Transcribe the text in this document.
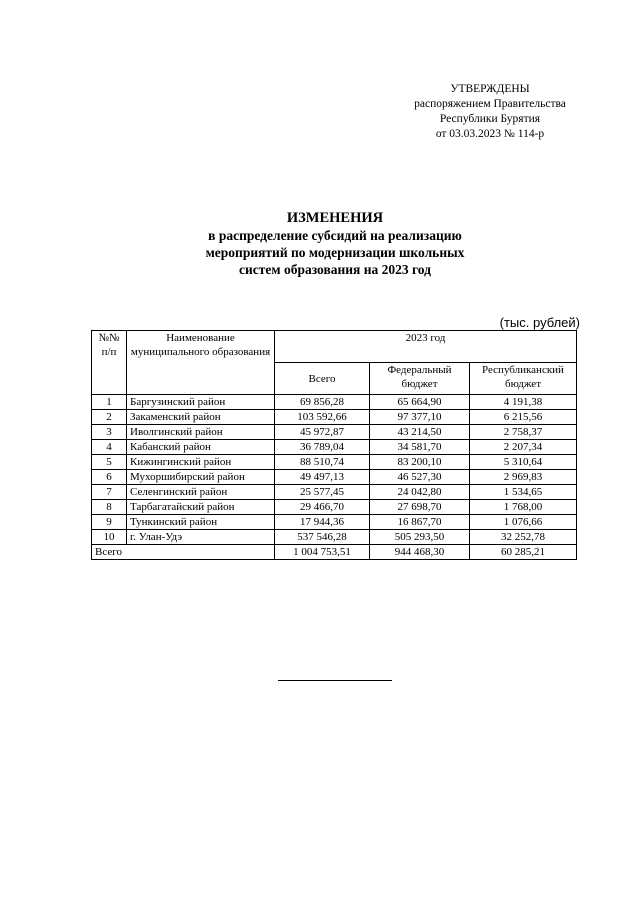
УТВЕРЖДЕНЫ
распоряжением Правительства
Республики Бурятия
от 03.03.2023 № 114-р
ИЗМЕНЕНИЯ
в распределение субсидий на реализацию
мероприятий по модернизации школьных
систем образования на 2023 год
(тыс. рублей)
№№ п/п	Наименование муниципального образования	2023 год		
		Всего	Федеральный бюджет	Республиканский бюджет
1	Баргузинский район	69 856,28	65 664,90	4 191,38
2	Закаменский район	103 592,66	97 377,10	6 215,56
3	Иволгинский район	45 972,87	43 214,50	2 758,37
4	Кабанский район	36 789,04	34 581,70	2 207,34
5	Кижингинский район	88 510,74	83 200,10	5 310,64
6	Мухоршибирский район	49 497,13	46 527,30	2 969,83
7	Селенгинский район	25 577,45	24 042,80	1 534,65
8	Тарбагатайский район	29 466,70	27 698,70	1 768,00
9	Тункинский район	17 944,36	16 867,70	1 076,66
10	г. Улан-Удэ	537 546,28	505 293,50	32 252,78
Всего		1 004 753,51	944 468,30	60 285,21
